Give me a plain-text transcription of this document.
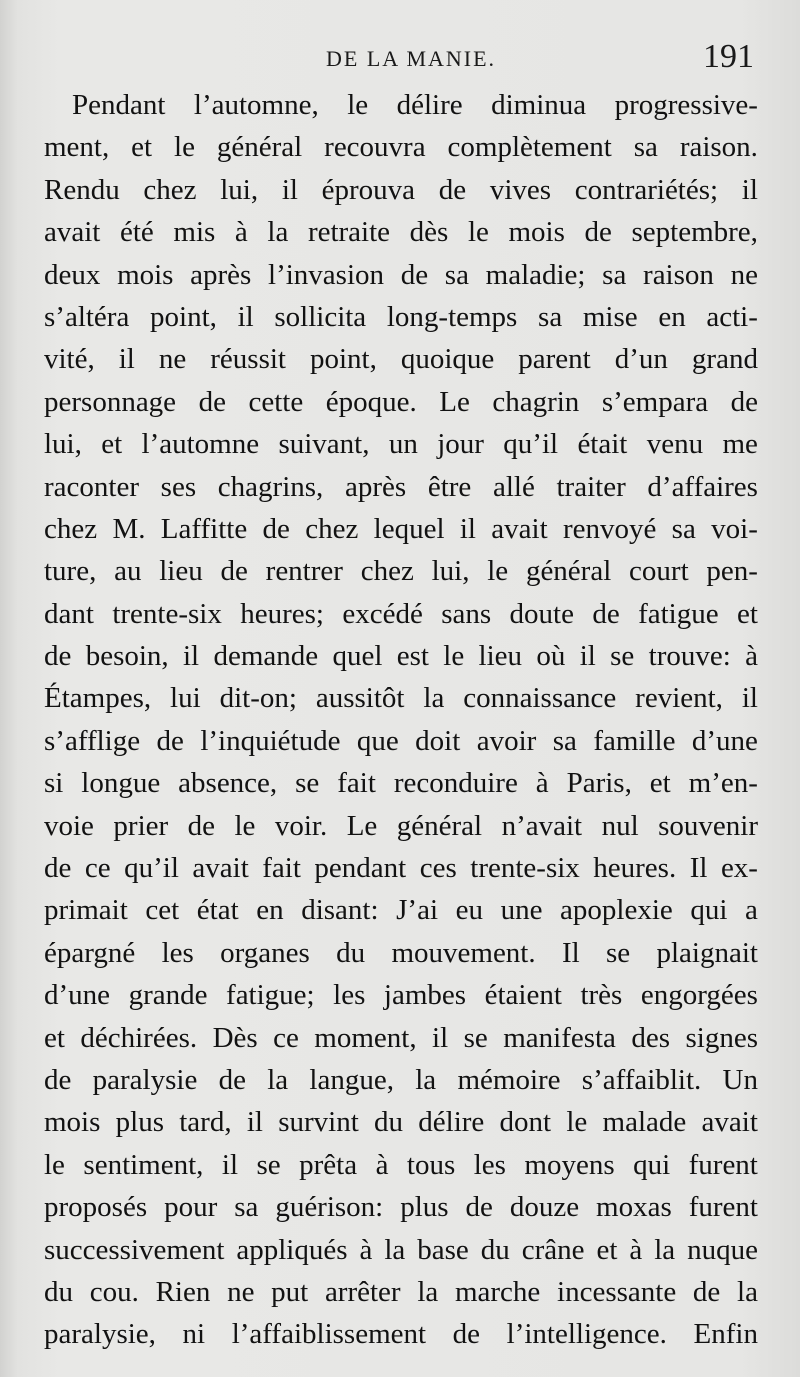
DE LA MANIE.	191
Pendant l’automne, le délire diminua progressive-
ment, et le général recouvra complètement sa raison.
Rendu chez lui, il éprouva de vives contrariétés; il
avait été mis à la retraite dès le mois de septembre,
deux mois après l’invasion de sa maladie; sa raison ne
s’altéra point, il sollicita long-temps sa mise en acti-
vité, il ne réussit point, quoique parent d’un grand
personnage de cette époque. Le chagrin s’empara de
lui, et l’automne suivant, un jour qu’il était venu me
raconter ses chagrins, après être allé traiter d’affaires
chez M. Laffitte de chez lequel il avait renvoyé sa voi-
ture, au lieu de rentrer chez lui, le général court pen-
dant trente-six heures; excédé sans doute de fatigue et
de besoin, il demande quel est le lieu où il se trouve: à
Étampes, lui dit-on; aussitôt la connaissance revient, il
s’afflige de l’inquiétude que doit avoir sa famille d’une
si longue absence, se fait reconduire à Paris, et m’en-
voie prier de le voir. Le général n’avait nul souvenir
de ce qu’il avait fait pendant ces trente-six heures. Il ex-
primait cet état en disant: J’ai eu une apoplexie qui a
épargné les organes du mouvement. Il se plaignait
d’une grande fatigue; les jambes étaient très engorgées
et déchirées. Dès ce moment, il se manifesta des signes
de paralysie de la langue, la mémoire s’affaiblit. Un
mois plus tard, il survint du délire dont le malade avait
le sentiment, il se prêta à tous les moyens qui furent
proposés pour sa guérison: plus de douze moxas furent
successivement appliqués à la base du crâne et à la nuque
du cou. Rien ne put arrêter la marche incessante de la
paralysie, ni l’affaiblissement de l’intelligence. Enfin
